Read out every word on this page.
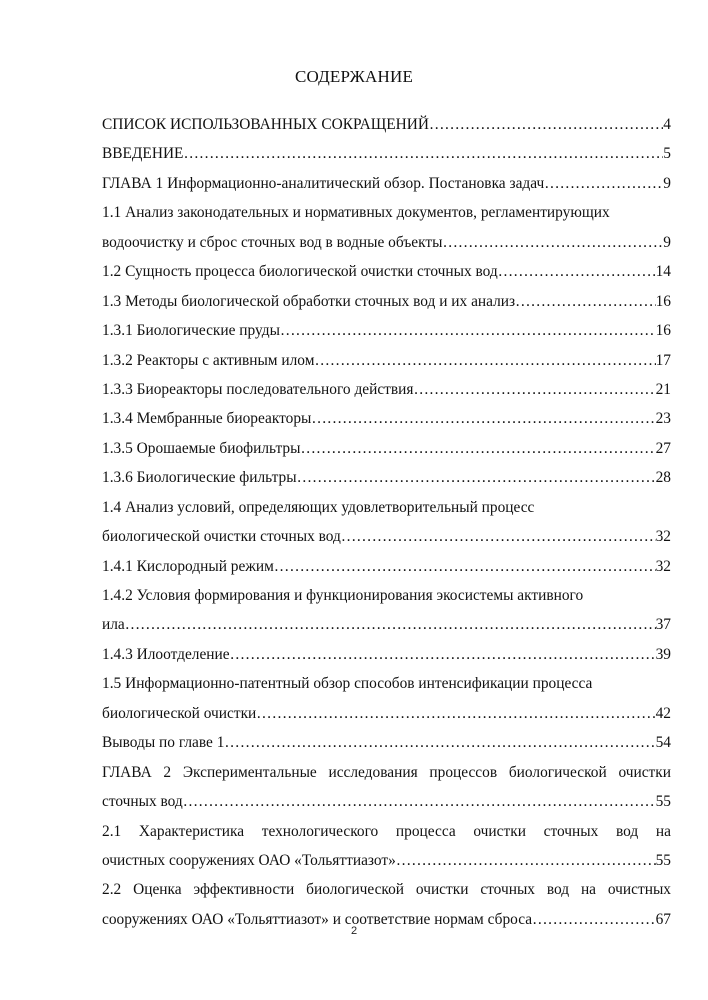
СОДЕРЖАНИЕ
СПИСОК ИСПОЛЬЗОВАННЫХ СОКРАЩЕНИЙ ………………………………………………………………………………………………………………………………………………………………………………………	4
ВВЕДЕНИЕ ………………………………………………………………………………………………………………………………………………………………………………………	5
ГЛАВА 1 Информационно-аналитический обзор. Постановка задач ………………………………………………………………………………………………………………………………………………………………………………………	9
1.1 Анализ законодательных и нормативных документов, регламентирующих
водоочистку и сброс сточных вод в водные объекты ………………………………………………………………………………………………………………………………………………………………………………………	9
1.2 Сущность процесса биологической очистки сточных вод ………………………………………………………………………………………………………………………………………………………………………………………	14
1.3 Методы биологической обработки сточных вод и их анализ ………………………………………………………………………………………………………………………………………………………………………………………	16
1.3.1 Биологические пруды ………………………………………………………………………………………………………………………………………………………………………………………	16
1.3.2 Реакторы с активным илом ………………………………………………………………………………………………………………………………………………………………………………………	17
1.3.3 Биореакторы последовательного действия ………………………………………………………………………………………………………………………………………………………………………………………	21
1.3.4 Мембранные биореакторы ………………………………………………………………………………………………………………………………………………………………………………………	23
1.3.5 Орошаемые биофильтры ………………………………………………………………………………………………………………………………………………………………………………………	27
1.3.6 Биологические фильтры ………………………………………………………………………………………………………………………………………………………………………………………	28
1.4 Анализ условий, определяющих удовлетворительный процесс
биологической очистки сточных вод ………………………………………………………………………………………………………………………………………………………………………………………	32
1.4.1 Кислородный режим ………………………………………………………………………………………………………………………………………………………………………………………	32
1.4.2 Условия формирования и функционирования экосистемы активного
ила ………………………………………………………………………………………………………………………………………………………………………………………	37
1.4.3 Илоотделение ………………………………………………………………………………………………………………………………………………………………………………………	39
1.5 Информационно-патентный обзор способов интенсификации процесса
биологической очистки ………………………………………………………………………………………………………………………………………………………………………………………	42
Выводы по главе 1 ………………………………………………………………………………………………………………………………………………………………………………………	54
ГЛАВА 2 Экспериментальные исследования процессов биологической очистки
сточных вод ………………………………………………………………………………………………………………………………………………………………………………………	55
2.1 Характеристика технологического процесса очистки сточных вод на
очистных сооружениях ОАО «Тольяттиазот» ………………………………………………………………………………………………………………………………………………………………………………………	55
2.2 Оценка эффективности биологической очистки сточных вод на очистных
сооружениях ОАО «Тольяттиазот» и соответствие нормам сброса ………………………………………………………………………………………………………………………………………………………………………………………	67
2
